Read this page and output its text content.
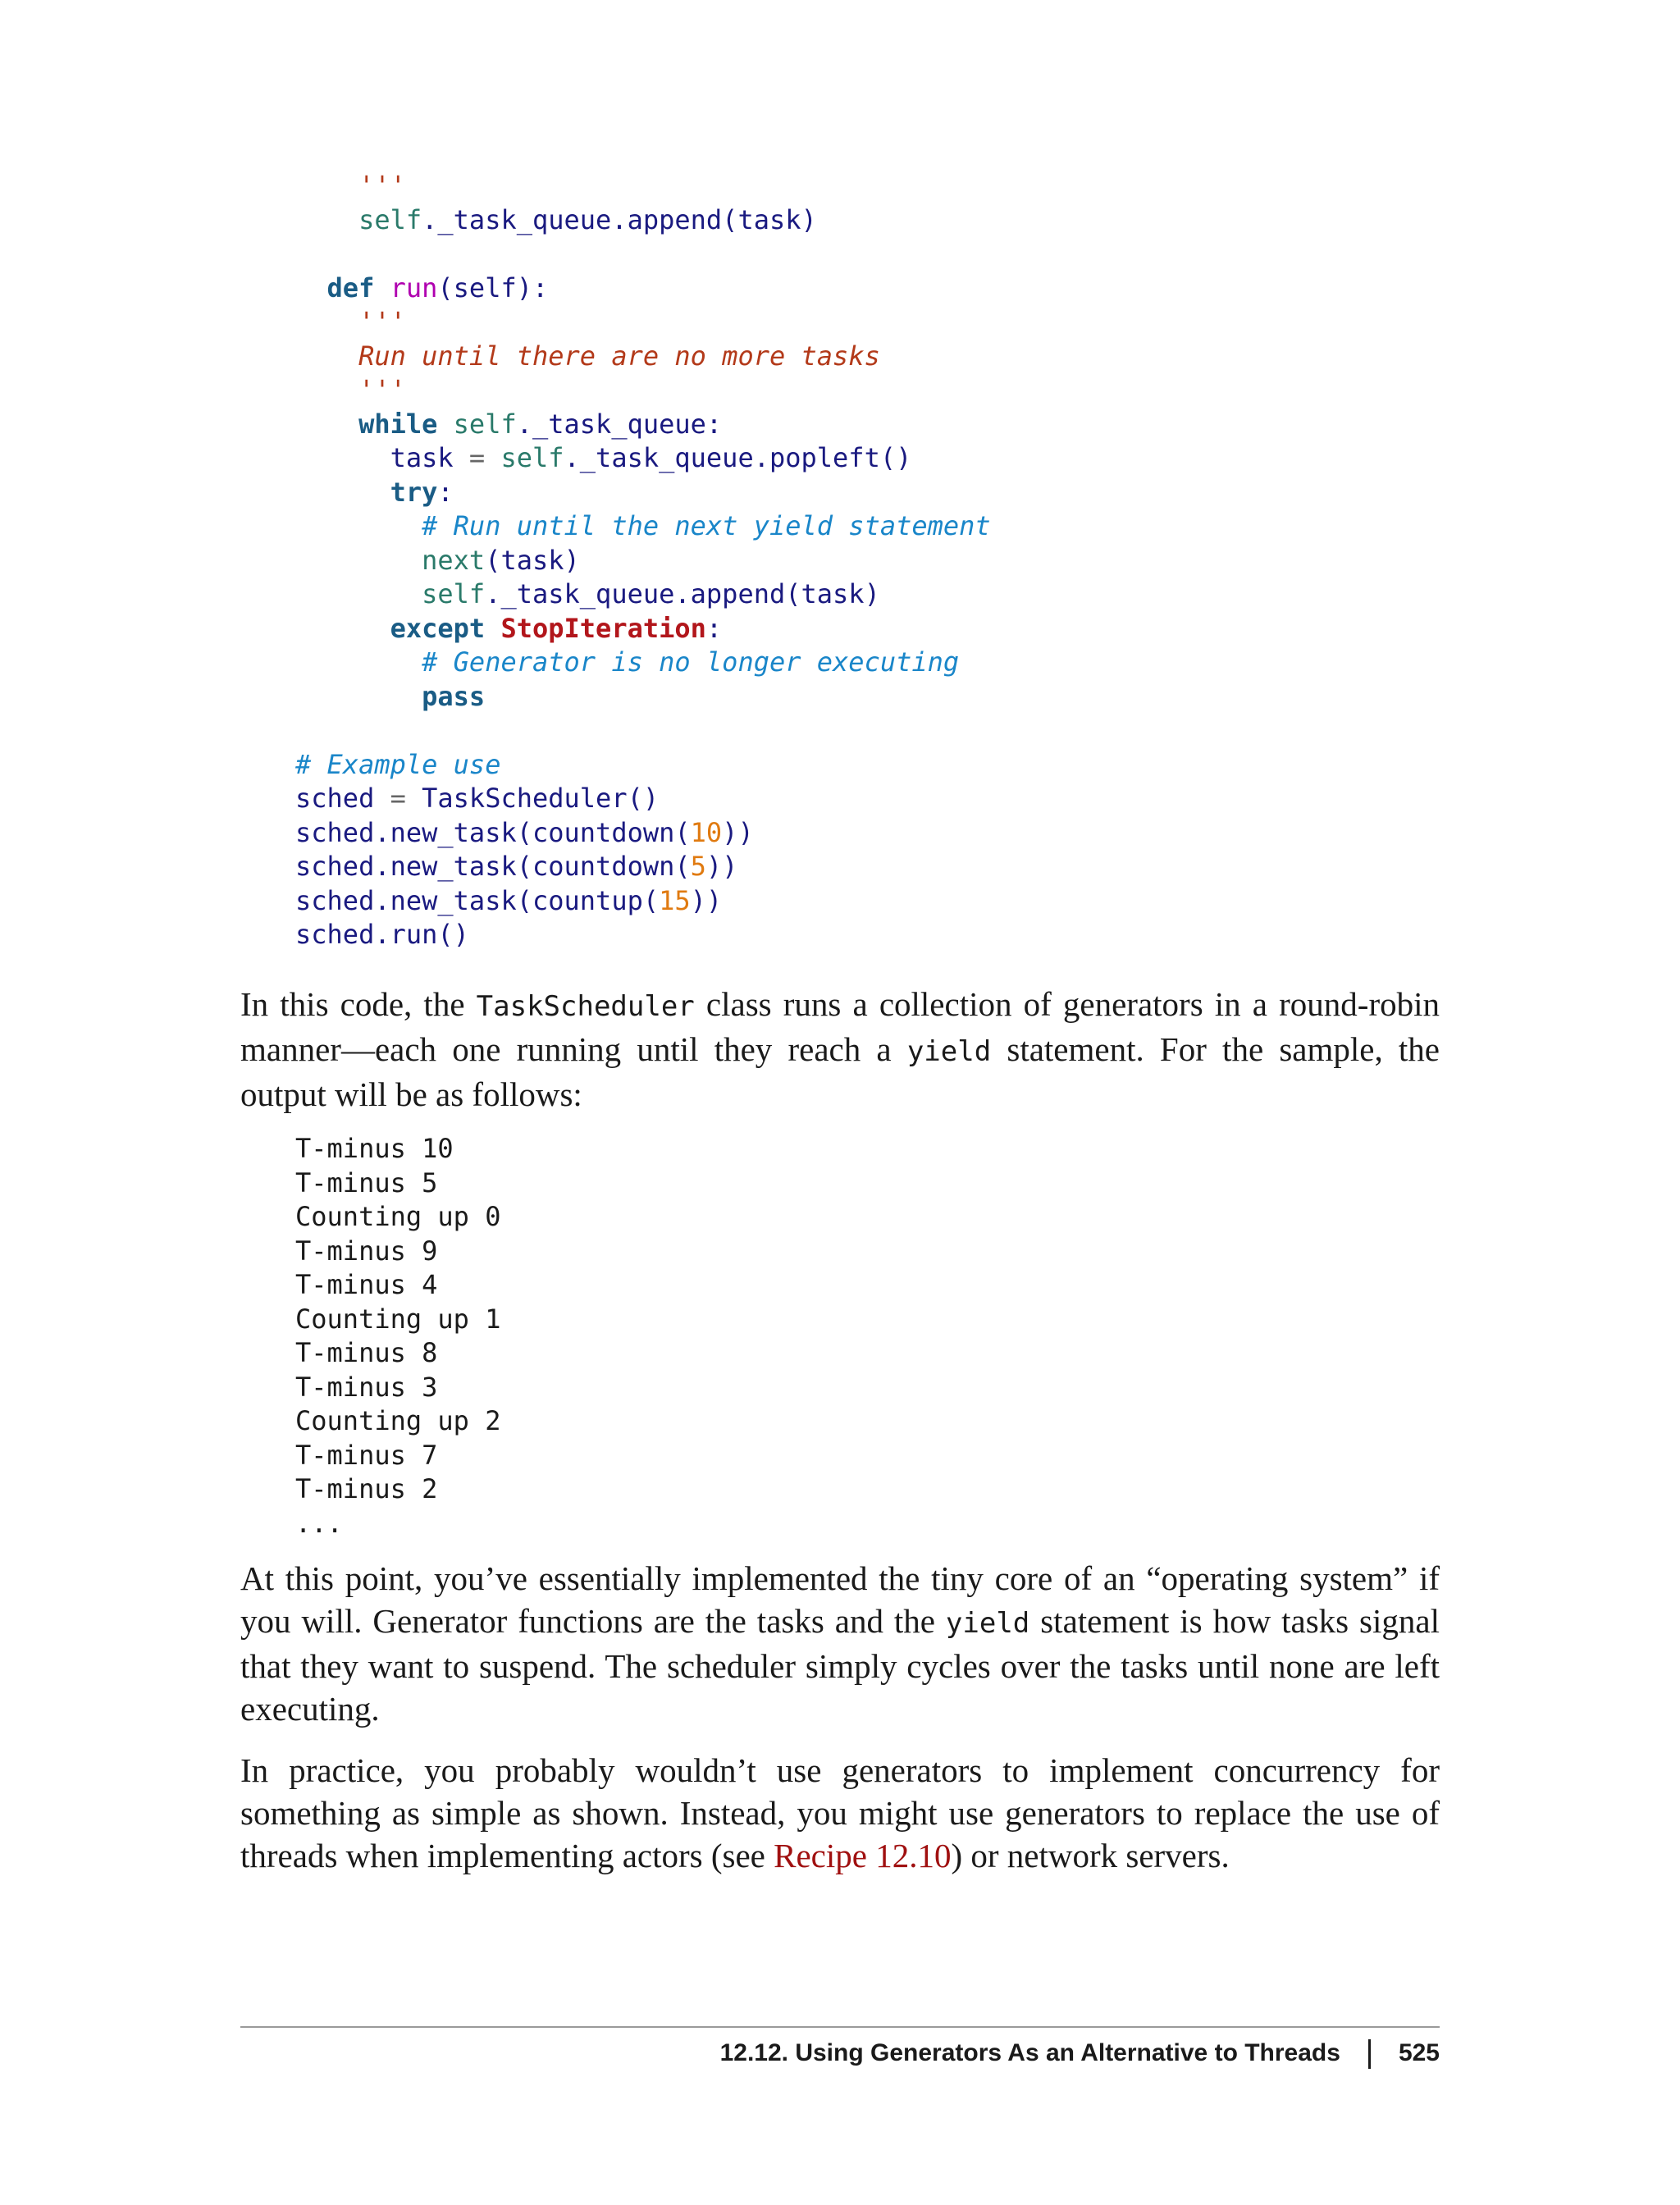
'''
self._task_queue.append(task)
def run(self):
'''
Run until there are no more tasks
'''
while self._task_queue:
task = self._task_queue.popleft()
try:
# Run until the next yield statement
next(task)
self._task_queue.append(task)
except StopIteration:
# Generator is no longer executing
pass
# Example use
sched = TaskScheduler()
sched.new_task(countdown(10))
sched.new_task(countdown(5))
sched.new_task(countup(15))
sched.run()
In this code, the TaskScheduler class runs a collection of generators in a round-robin manner—each one running until they reach a yield statement. For the sample, the output will be as follows:
T-minus 10
T-minus 5
Counting up 0
T-minus 9
T-minus 4
Counting up 1
T-minus 8
T-minus 3
Counting up 2
T-minus 7
T-minus 2
...
At this point, you’ve essentially implemented the tiny core of an “operating system” if you will. Generator functions are the tasks and the yield statement is how tasks signal that they want to suspend. The scheduler simply cycles over the tasks until none are left executing.
In practice, you probably wouldn’t use generators to implement concurrency for something as simple as shown. Instead, you might use generators to replace the use of threads when implementing actors (see Recipe 12.10) or network servers.
12.12. Using Generators As an Alternative to Threads 525
